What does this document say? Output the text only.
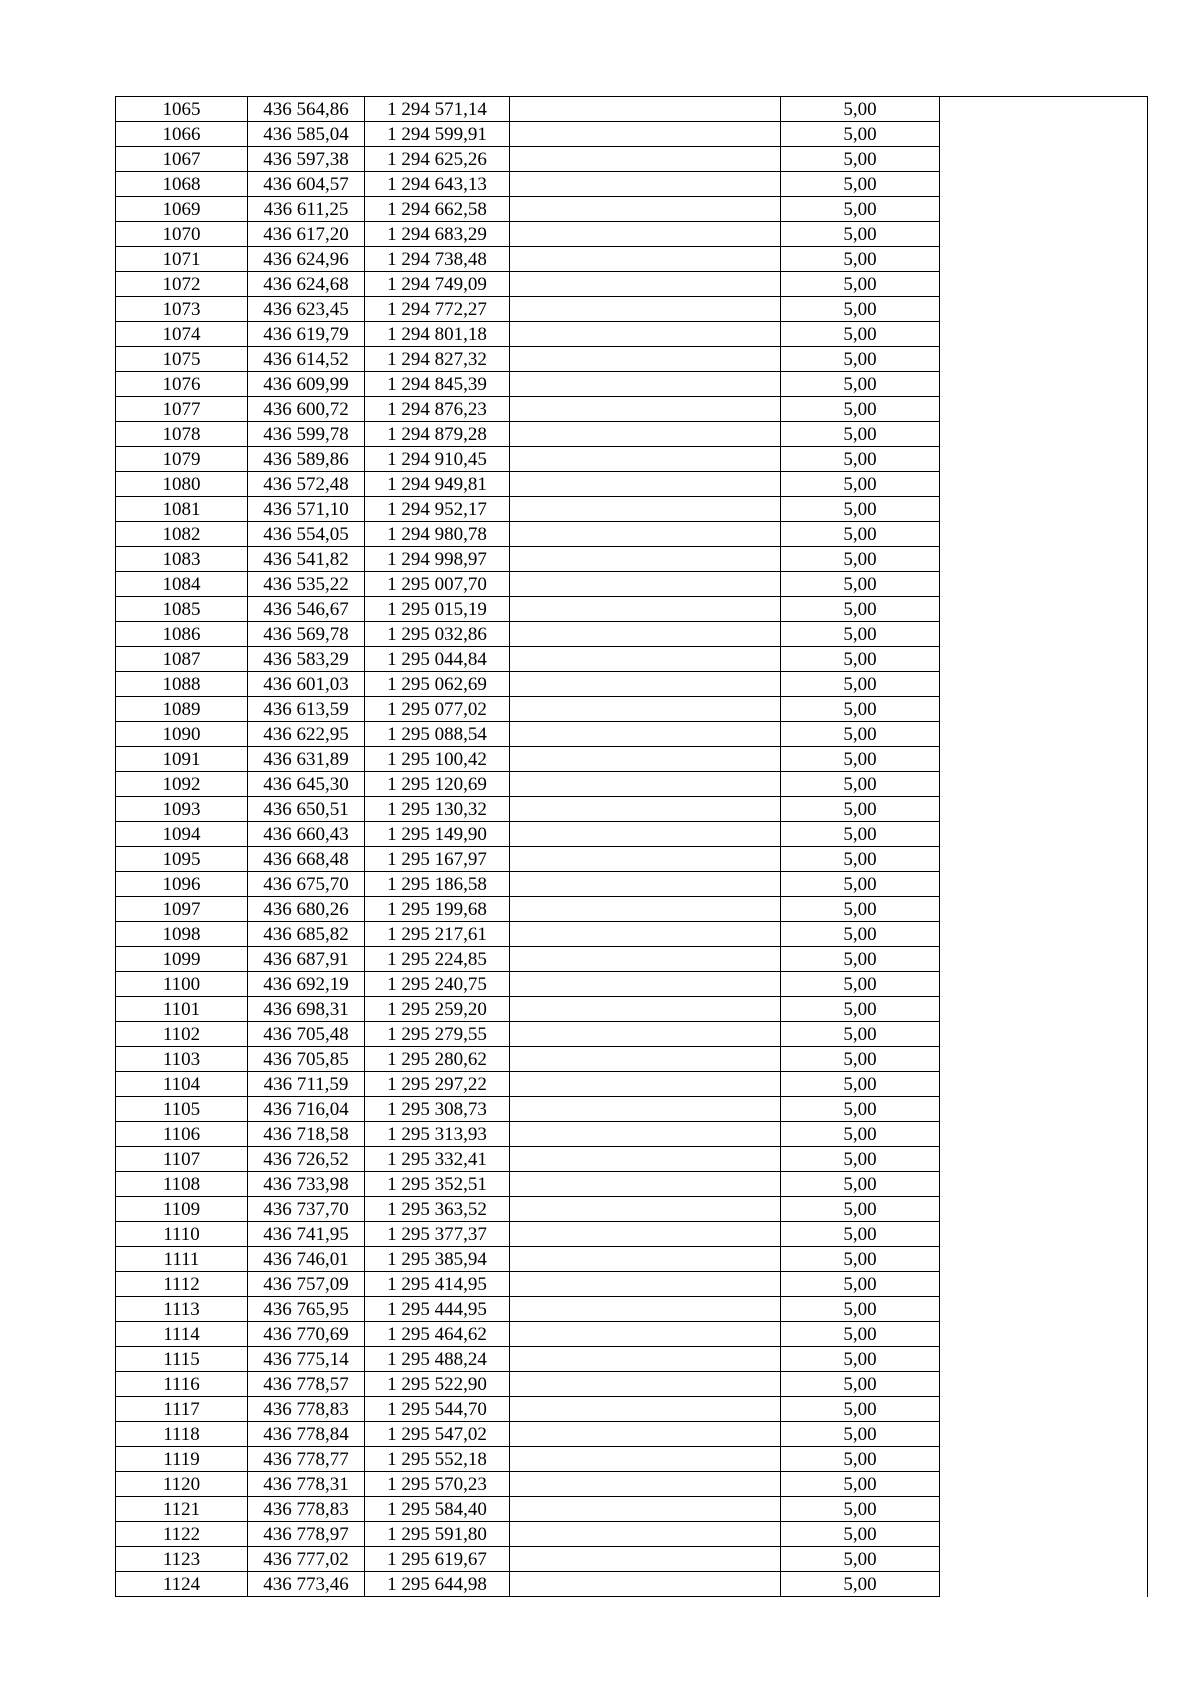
1065	436 564,86	1 294 571,14		5,00	
1066	436 585,04	1 294 599,91		5,00	
1067	436 597,38	1 294 625,26		5,00	
1068	436 604,57	1 294 643,13		5,00	
1069	436 611,25	1 294 662,58		5,00	
1070	436 617,20	1 294 683,29		5,00	
1071	436 624,96	1 294 738,48		5,00	
1072	436 624,68	1 294 749,09		5,00	
1073	436 623,45	1 294 772,27		5,00	
1074	436 619,79	1 294 801,18		5,00	
1075	436 614,52	1 294 827,32		5,00	
1076	436 609,99	1 294 845,39		5,00	
1077	436 600,72	1 294 876,23		5,00	
1078	436 599,78	1 294 879,28		5,00	
1079	436 589,86	1 294 910,45		5,00	
1080	436 572,48	1 294 949,81		5,00	
1081	436 571,10	1 294 952,17		5,00	
1082	436 554,05	1 294 980,78		5,00	
1083	436 541,82	1 294 998,97		5,00	
1084	436 535,22	1 295 007,70		5,00	
1085	436 546,67	1 295 015,19		5,00	
1086	436 569,78	1 295 032,86		5,00	
1087	436 583,29	1 295 044,84		5,00	
1088	436 601,03	1 295 062,69		5,00	
1089	436 613,59	1 295 077,02		5,00	
1090	436 622,95	1 295 088,54		5,00	
1091	436 631,89	1 295 100,42		5,00	
1092	436 645,30	1 295 120,69		5,00	
1093	436 650,51	1 295 130,32		5,00	
1094	436 660,43	1 295 149,90		5,00	
1095	436 668,48	1 295 167,97		5,00	
1096	436 675,70	1 295 186,58		5,00	
1097	436 680,26	1 295 199,68		5,00	
1098	436 685,82	1 295 217,61		5,00	
1099	436 687,91	1 295 224,85		5,00	
1100	436 692,19	1 295 240,75		5,00	
1101	436 698,31	1 295 259,20		5,00	
1102	436 705,48	1 295 279,55		5,00	
1103	436 705,85	1 295 280,62		5,00	
1104	436 711,59	1 295 297,22		5,00	
1105	436 716,04	1 295 308,73		5,00	
1106	436 718,58	1 295 313,93		5,00	
1107	436 726,52	1 295 332,41		5,00	
1108	436 733,98	1 295 352,51		5,00	
1109	436 737,70	1 295 363,52		5,00	
1110	436 741,95	1 295 377,37		5,00	
1111	436 746,01	1 295 385,94		5,00	
1112	436 757,09	1 295 414,95		5,00	
1113	436 765,95	1 295 444,95		5,00	
1114	436 770,69	1 295 464,62		5,00	
1115	436 775,14	1 295 488,24		5,00	
1116	436 778,57	1 295 522,90		5,00	
1117	436 778,83	1 295 544,70		5,00	
1118	436 778,84	1 295 547,02		5,00	
1119	436 778,77	1 295 552,18		5,00	
1120	436 778,31	1 295 570,23		5,00	
1121	436 778,83	1 295 584,40		5,00	
1122	436 778,97	1 295 591,80		5,00	
1123	436 777,02	1 295 619,67		5,00	
1124	436 773,46	1 295 644,98		5,00	
